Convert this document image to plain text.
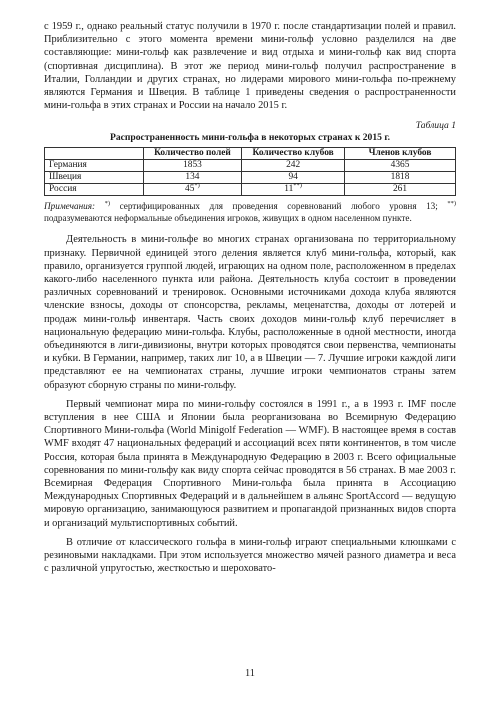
с 1959 г., однако реальный статус получили в 1970 г. после стандартизации полей и правил. Приблизительно с этого момента времени мини-гольф условно разделился на две составляющие: мини-гольф как развлечение и вид отдыха и мини-гольф как вид спорта (спортивная дисциплина). В этот же период мини-гольф получил распространение в Италии, Голландии и других странах, но лидерами мирового мини-гольфа по-прежнему являются Германия и Швеция. В таблице 1 приведены сведения о распространенности мини-гольфа в этих странах и России на начало 2015 г.

Таблица 1
Распространенность мини-гольфа в некоторых странах к 2015 г.
	Количество полей	Количество клубов	Членов клубов
Германия	1853	242	4365
Швеция	134	94	1818
Россия	45*)	11**)	261
Примечания: *) сертифицированных для проведения соревнований любого уровня 13; **) подразумеваются неформальные объединения игроков, живущих в одном населенном пункте.

Деятельность в мини-гольфе во многих странах организована по территориальному признаку. Первичной единицей этого деления является клуб мини-гольфа, который, как правило, организуется группой людей, играющих на одном поле, расположенном в пределах какого-либо населенного пункта или района. Деятельность клуба состоит в проведении различных соревнований и тренировок. Основными источниками дохода клуба являются членские взносы, доходы от спонсорства, рекламы, меценатства, доходы от лотерей и продаж мини-гольф инвентаря. Часть своих доходов мини-гольф клуб перечисляет в национальную федерацию мини-гольфа. Клубы, расположенные в одной местности, иногда объединяются в лиги-дивизионы, внутри которых проводятся свои первенства, чемпионаты и кубки. В Германии, например, таких лиг 10, а в Швеции — 7. Лучшие игроки каждой лиги представляют ее на чемпионатах страны, лучшие игроки чемпионатов страны затем образуют сборную страны по мини-гольфу.

Первый чемпионат мира по мини-гольфу состоялся в 1991 г., а в 1993 г. IMF после вступления в нее США и Японии была реорганизована во Всемирную Федерацию Спортивного Мини-гольфа (World Minigolf Federation — WMF). В настоящее время в состав WMF входят 47 национальных федераций и ассоциаций всех пяти континентов, в том числе Россия, которая была принята в Международную Федерацию в 2003 г. Всего официальные соревнования по мини-гольфу как виду спорта сейчас проводятся в 56 странах. В мае 2003 г. Всемирная Федерация Спортивного Мини-гольфа была принята в Ассоциацию Международных Спортивных Федераций и в дальнейшем в альянс SportAccord — ведущую мировую организацию, занимающуюся развитием и пропагандой признанных видов спорта и организаций мультиспортивных событий.

В отличие от классического гольфа в мини-гольф играют специальными клюшками с резиновыми накладками. При этом используется множество мячей разного диаметра и веса с различной упругостью, жесткостью и шероховато-

11
